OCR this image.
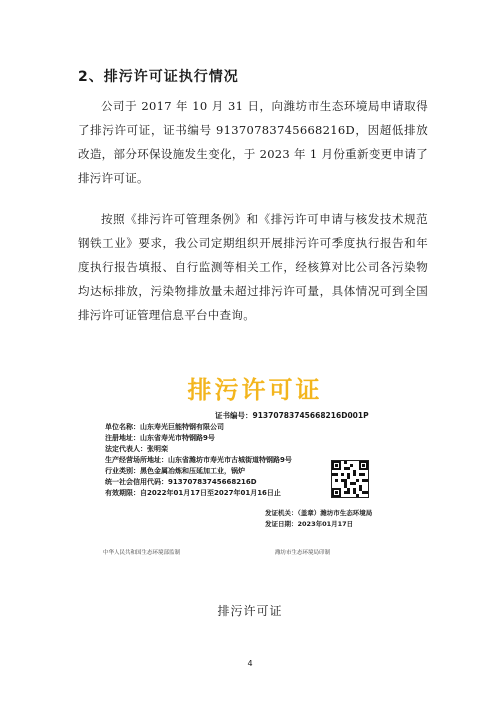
2、排污许可证执行情况
公司于 2017 年 10 月 31 日，向潍坊市生态环境局申请取得了排污许可证，证书编号 91370783745668216D，因超低排放改造，部分环保设施发生变化，于 2023 年 1 月份重新变更申请了排污许可证。
按照《排污许可管理条例》和《排污许可申请与核发技术规范 钢铁工业》要求，我公司定期组织开展排污许可季度执行报告和年度执行报告填报、自行监测等相关工作，经核算对比公司各污染物均达标排放，污染物排放量未超过排污许可量，具体情况可到全国排污许可证管理信息平台中查询。
排污许可证
证书编号：91370783745668216D001P
单位名称：山东寿光巨能特钢有限公司
注册地址：山东省寿光市特钢路9号
法定代表人：张明栾
生产经营场所地址：山东省潍坊市寿光市古城街道特钢路9号
行业类别：黑色金属冶炼和压延加工业，锅炉
统一社会信用代码：91370783745668216D
有效期限：自2022年01月17日至2027年01月16日止
发证机关：（盖章）潍坊市生态环境局
发证日期：2023年01月17日
中华人民共和国生态环境部监制	潍坊市生态环境局印制
排污许可证
4
